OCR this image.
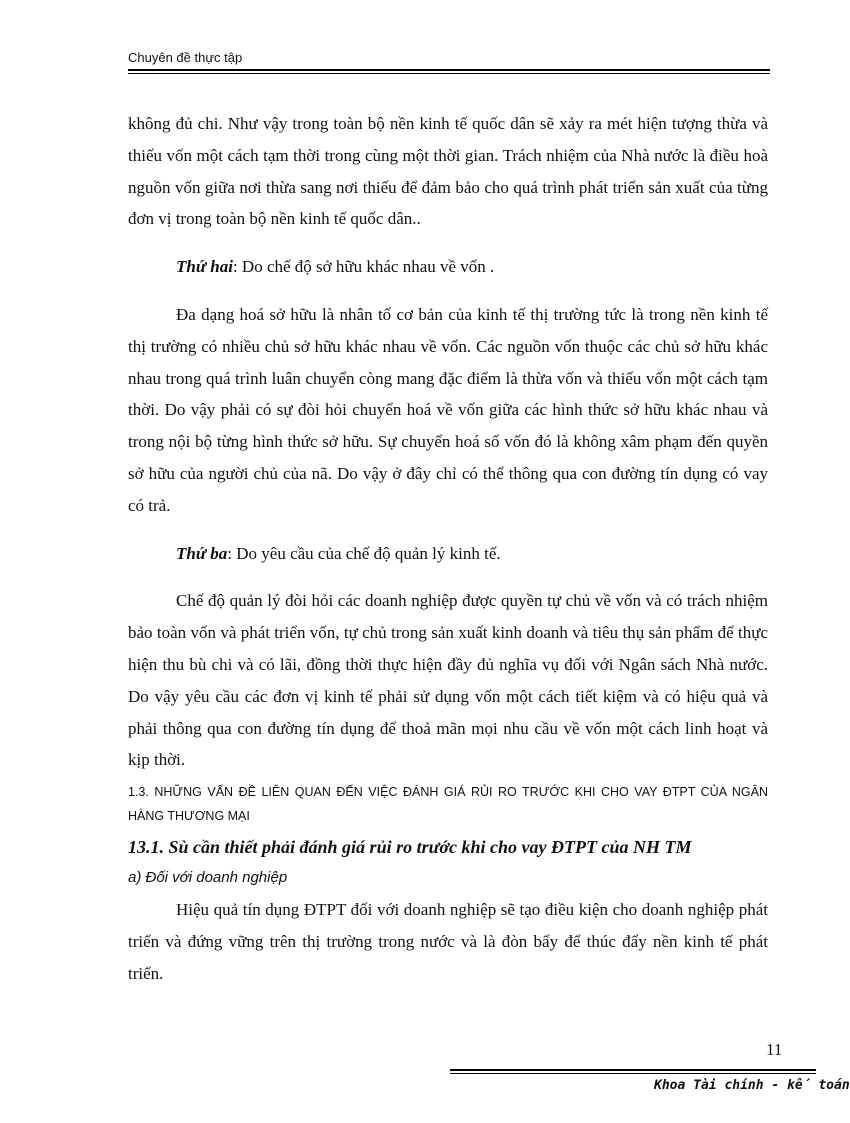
Chuyên đề thực tập

không đủ chi. Như vậy trong toàn bộ nền kinh tế quốc dân sẽ xảy ra mét hiện tượng thừa và thiếu vốn một cách tạm thời trong cùng một thời gian. Trách nhiệm của Nhà nước là điều hoà nguồn vốn giữa nơi thừa sang nơi thiếu để đảm bảo cho quá trình phát triển sản xuất của từng đơn vị trong toàn bộ nền kinh tế quốc dân..

Thứ hai: Do chế độ sở hữu khác nhau về vốn .

Đa dạng hoá sở hữu là nhân tố cơ bản của kinh tế thị trường tức là trong nền kinh tế thị trường có nhiều chủ sở hữu khác nhau về vốn. Các nguồn vốn thuộc các chủ sở hữu khác nhau trong quá trình luân chuyển còng mang đặc điểm là thừa vốn và thiếu vốn một cách tạm thời. Do vậy phải có sự đòi hỏi chuyển hoá về vốn giữa các hình thức sở hữu khác nhau và trong nội bộ từng hình thức sở hữu. Sự chuyển hoá số vốn đó là không xâm phạm đến quyền sở hữu của người chủ của nã. Do vậy ở đây chỉ có thể thông qua con đường tín dụng có vay có trả.

Thứ ba: Do yêu cầu của chế độ quản lý kinh tế.

Chế độ quản lý đòi hỏi các doanh nghiệp được quyền tự chủ về vốn và có trách nhiệm bảo toàn vốn và phát triển vốn, tự chủ trong sản xuất kinh doanh và tiêu thụ sản phẩm để thực hiện thu bù chi và có lãi, đồng thời thực hiện đầy đủ nghĩa vụ đối với Ngân sách Nhà nước. Do vậy yêu cầu các đơn vị kinh tế phải sử dụng vốn một cách tiết kiệm và có hiệu quả và phải thông qua con đường tín dụng để thoả mãn mọi nhu cầu về vốn một cách linh hoạt và kịp thời.

1.3. NHỮNG VẤN ĐỀ LIÊN QUAN ĐẾN VIỆC ĐÁNH GIÁ RỦI RO TRƯỚC KHI CHO VAY ĐTPT CỦA NGÂN HÀNG THƯƠNG MẠI

13.1. Sù cần thiết phải đánh giá rủi ro trước khi cho vay ĐTPT của NH TM

a) Đối với doanh nghiệp

Hiệu quả tín dụng ĐTPT đối với doanh nghiệp sẽ tạo điều kiện cho doanh nghiệp phát triển và đứng vững trên thị trường trong nước và là đòn bẩy để thúc đẩy nền kinh tế phát triển.

11
Khoa Tài chính - kế toán
